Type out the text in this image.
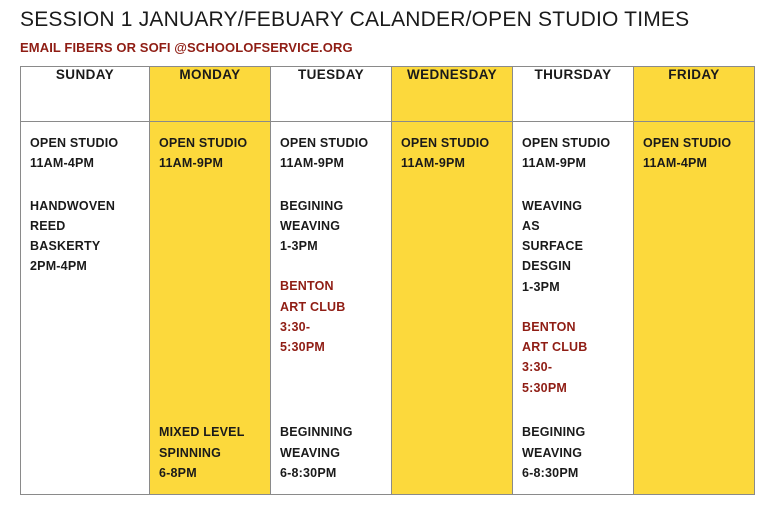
SESSION 1 JANUARY/FEBUARY CALANDER/OPEN STUDIO TIMES
EMAIL FIBERS OR SOFI @SCHOOLOFSERVICE.ORG
SUNDAY	MONDAY	TUESDAY	WEDNESDAY	THURSDAY	FRIDAY

OPEN STUDIO
11AM-4PM
HANDWOVEN
REED
BASKERTY
2PM-4PM

OPEN STUDIO
11AM-9PM
MIXED LEVEL
SPINNING
6-8PM

OPEN STUDIO
11AM-9PM
BEGINING
WEAVING
1-3PM
BENTON
ART CLUB
3:30-
5:30PM
BEGINNING
WEAVING
6-8:30PM

OPEN STUDIO
11AM-9PM

OPEN STUDIO
11AM-9PM
WEAVING
AS
SURFACE
DESGIN
1-3PM
BENTON
ART CLUB
3:30-
5:30PM
BEGINING
WEAVING
6-8:30PM

OPEN STUDIO
11AM-4PM
